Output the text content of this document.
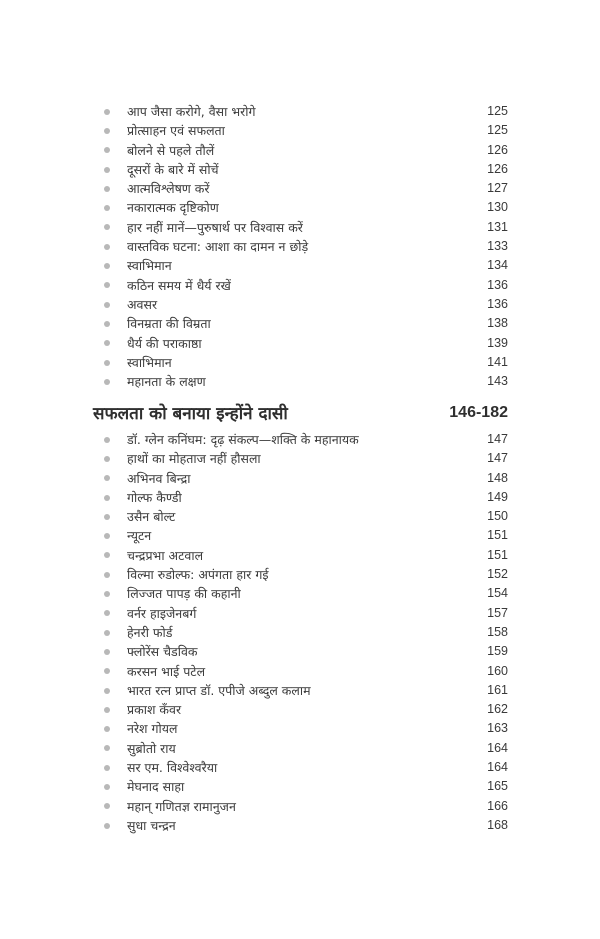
आप जैसा करोगे, वैसा भरोगे	125
प्रोत्साहन एवं सफलता	125
बोलने से पहले तौलें	126
दूसरों के बारे में सोचें	126
आत्मविश्लेषण करें	127
नकारात्मक दृष्टिकोण	130
हार नहीं मानें—पुरुषार्थ पर विश्वास करें	131
वास्तविक घटना: आशा का दामन न छोड़े	133
स्वाभिमान	134
कठिन समय में धैर्य रखें	136
अवसर	136
विनम्रता की विम्रता	138
धैर्य की पराकाष्ठा	139
स्वाभिमान	141
महानता के लक्षण	143
सफलता को बनाया इन्होंने दासी	146-182
डॉ. ग्लेन कनिंघम: दृढ़ संकल्प—शक्ति के महानायक	147
हाथों का मोहताज नहीं हौसला	147
अभिनव बिन्द्रा	148
गोल्फ कैण्डी	149
उसैन बोल्ट	150
न्यूटन	151
चन्द्रप्रभा अटवाल	151
विल्मा रुडोल्फ: अपंगता हार गई	152
लिज्जत पापड़ की कहानी	154
वर्नर हाइजेनबर्ग	157
हेनरी फोर्ड	158
फ्लोरेंस चैडविक	159
करसन भाई पटेल	160
भारत रत्न प्राप्त डॉ. एपीजे अब्दुल कलाम	161
प्रकाश कँवर	162
नरेश गोयल	163
सुब्रोतो राय	164
सर एम. विश्वेश्वरैया	164
मेघनाद साहा	165
महान् गणितज्ञ रामानुजन	166
सुधा चन्द्रन	168
